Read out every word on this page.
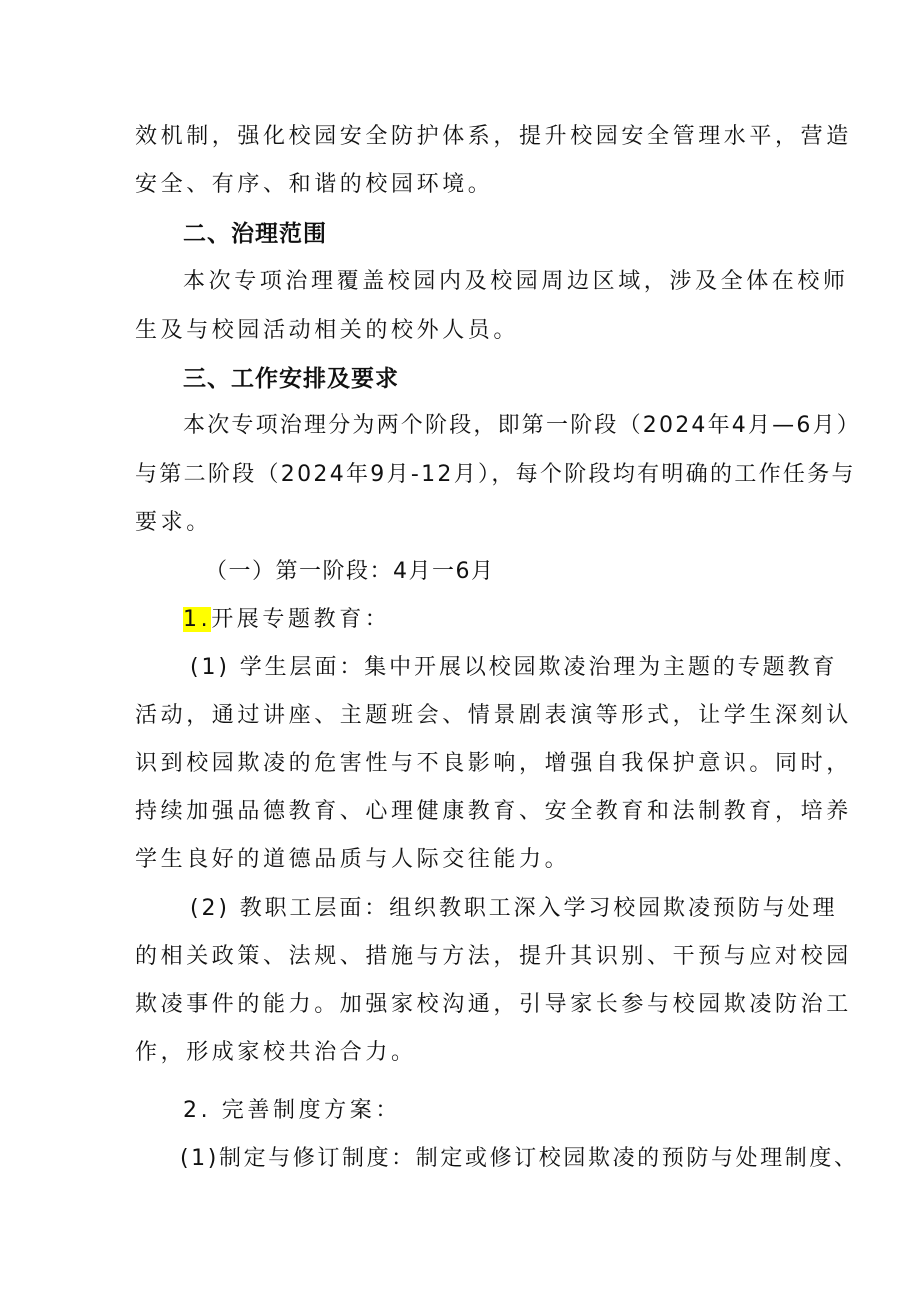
效机制，强化校园安全防护体系，提升校园安全管理水平，营造
安全、有序、和谐的校园环境。
二、治理范围
本次专项治理覆盖校园内及校园周边区域，涉及全体在校师
生及与校园活动相关的校外人员。
三、工作安排及要求
本次专项治理分为两个阶段，即第一阶段（2024年4月—6月）
与第二阶段（2024年9月-12月），每个阶段均有明确的工作任务与
要求。
（一）第一阶段：4月一6月
1.开展专题教育：
(1) 学生层面：集中开展以校园欺凌治理为主题的专题教育
活动，通过讲座、主题班会、情景剧表演等形式，让学生深刻认
识到校园欺凌的危害性与不良影响，增强自我保护意识。同时，
持续加强品德教育、心理健康教育、安全教育和法制教育，培养
学生良好的道德品质与人际交往能力。
(2) 教职工层面：组织教职工深入学习校园欺凌预防与处理
的相关政策、法规、措施与方法，提升其识别、干预与应对校园
欺凌事件的能力。加强家校沟通，引导家长参与校园欺凌防治工
作，形成家校共治合力。
2. 完善制度方案：
(1)制定与修订制度：制定或修订校园欺凌的预防与处理制度、
